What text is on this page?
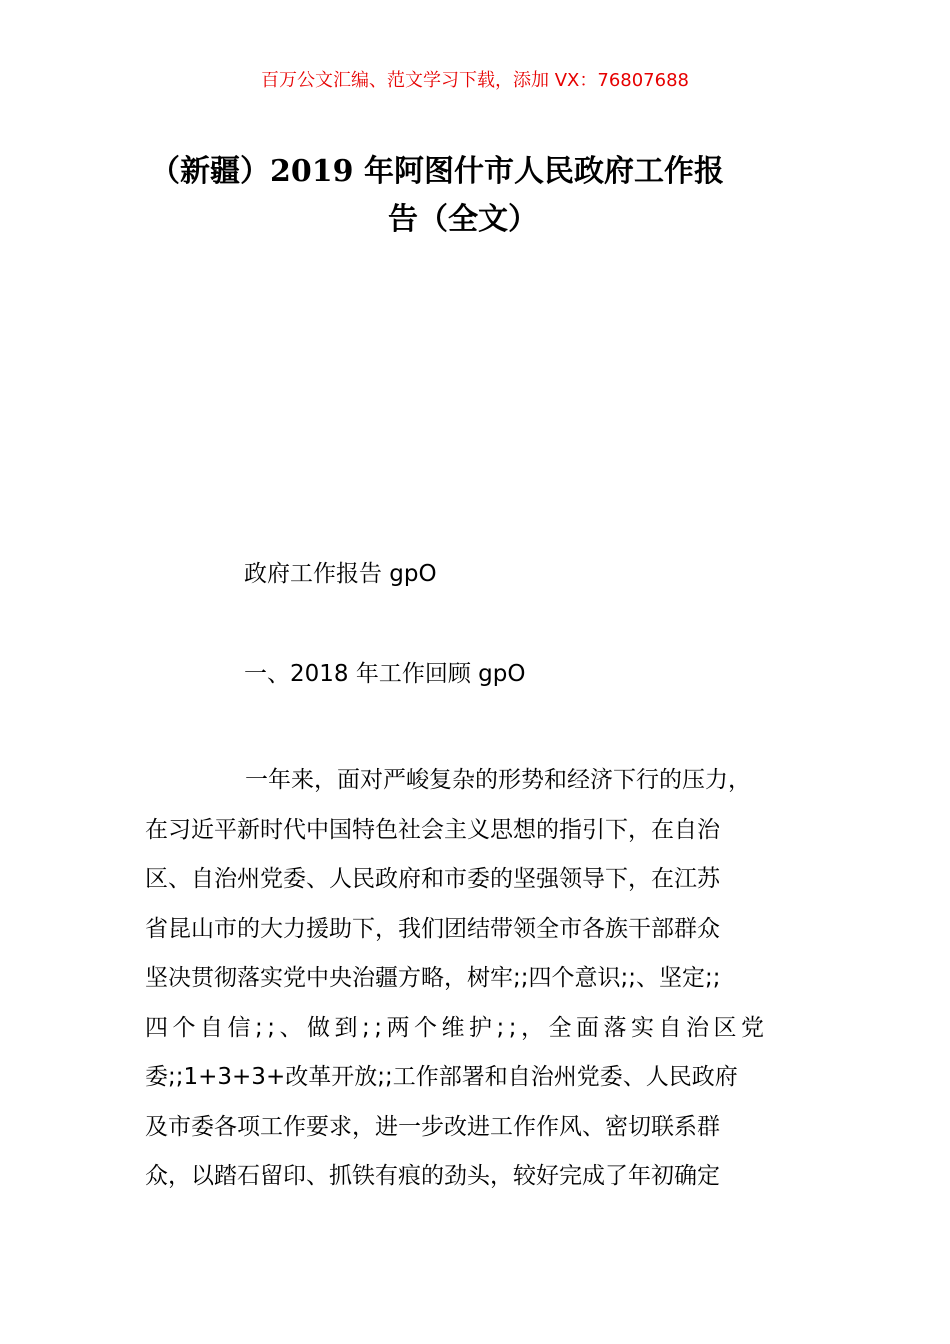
百万公文汇编、范文学习下载，添加 VX：76807688
（新疆）2019 年阿图什市人民政府工作报
告（全文）
政府工作报告 gpO
一、2018 年工作回顾 gpO
一年来，面对严峻复杂的形势和经济下行的压力，
在习近平新时代中国特色社会主义思想的指引下，在自治
区、自治州党委、人民政府和市委的坚强领导下，在江苏
省昆山市的大力援助下，我们团结带领全市各族干部群众
坚决贯彻落实党中央治疆方略，树牢;;四个意识;;、坚定;;
四个自信;;、做到;;两个维护;;，全面落实自治区党
委;;1+3+3+改革开放;;工作部署和自治州党委、人民政府
及市委各项工作要求，进一步改进工作作风、密切联系群
众，以踏石留印、抓铁有痕的劲头，较好完成了年初确定
